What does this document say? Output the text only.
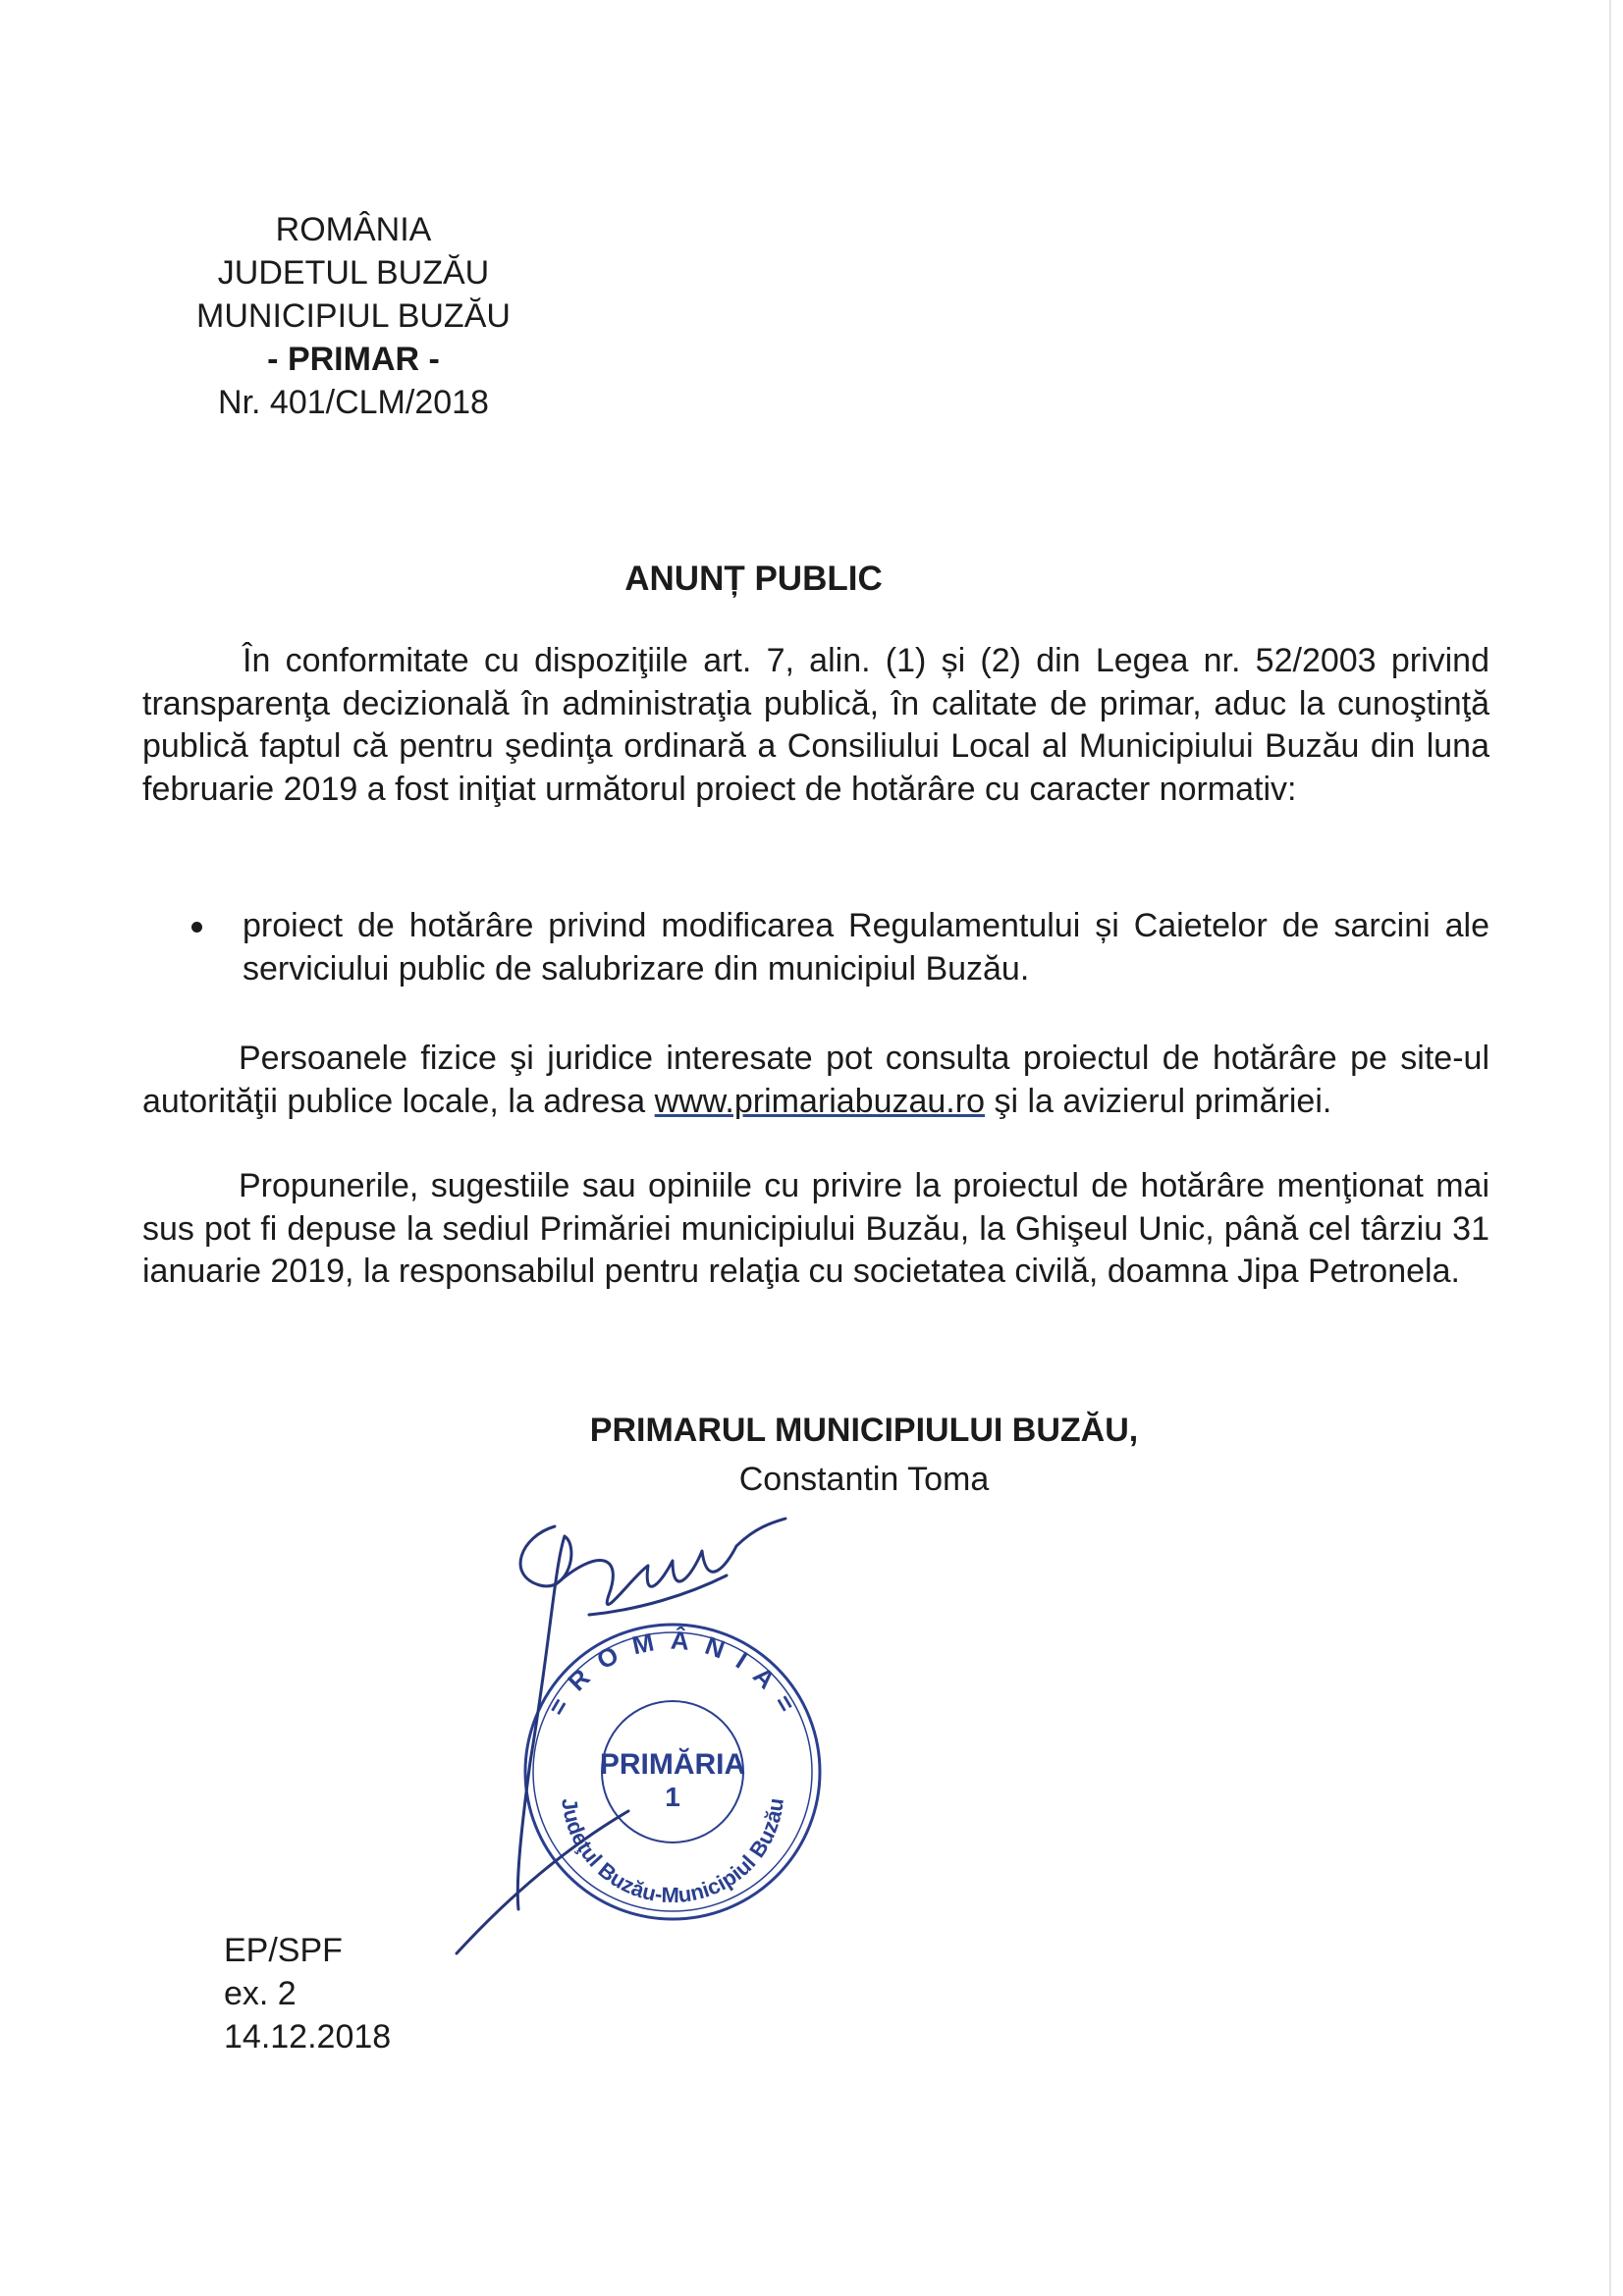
ROMÂNIA
JUDETUL BUZĂU
MUNICIPIUL BUZĂU
- PRIMAR -
Nr. 401/CLM/2018
ANUNȚ PUBLIC

În conformitate cu dispoziţiile art. 7, alin. (1) și (2) din Legea nr. 52/2003 privind transparenţa decizională în administraţia publică, în calitate de primar, aduc la cunoştinţă publică faptul că pentru şedinţa ordinară a Consiliului Local al Municipiului Buzău din luna februarie 2019 a fost iniţiat următorul proiect de hotărâre cu caracter normativ:

proiect de hotărâre privind modificarea Regulamentului și Caietelor de sarcini ale serviciului public de salubrizare din municipiul Buzău.

Persoanele fizice şi juridice interesate pot consulta proiectul de hotărâre pe site-ul autorităţii publice locale, la adresa www.primariabuzau.ro şi la avizierul primăriei.

Propunerile, sugestiile sau opiniile cu privire la proiectul de hotărâre menţionat mai sus pot fi depuse la sediul Primăriei municipiului Buzău, la Ghişeul Unic, până cel târziu 31 ianuarie 2019, la responsabilul pentru relaţia cu societatea civilă, doamna Jipa Petronela.

PRIMARUL MUNICIPIULUI BUZĂU,
Constantin Toma
= R O M Â N I A =
Judeţul Buzău-Municipiul Buzău
PRIMĂRIA
1
EP/SPF
ex. 2
14.12.2018
